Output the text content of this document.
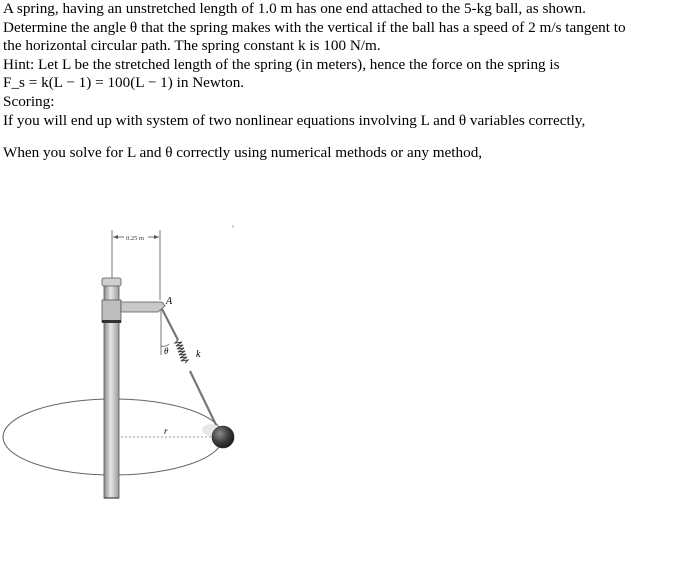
A spring, having an unstretched length of 1.0 m has one end attached to the 5-kg ball, as shown.
Determine the angle θ that the spring makes with the vertical if the ball has a speed of 2 m/s tangent to
the horizontal circular path. The spring constant k is 100 N/m.
Hint: Let L be the stretched length of the spring (in meters), hence the force on the spring is
F_s = k(L − 1) = 100(L − 1) in Newton.
Scoring:
If you will end up with system of two nonlinear equations involving L and θ variables correctly,
When you solve for L and θ correctly using numerical methods or any method,
0.25 m
A
θ	k
r
